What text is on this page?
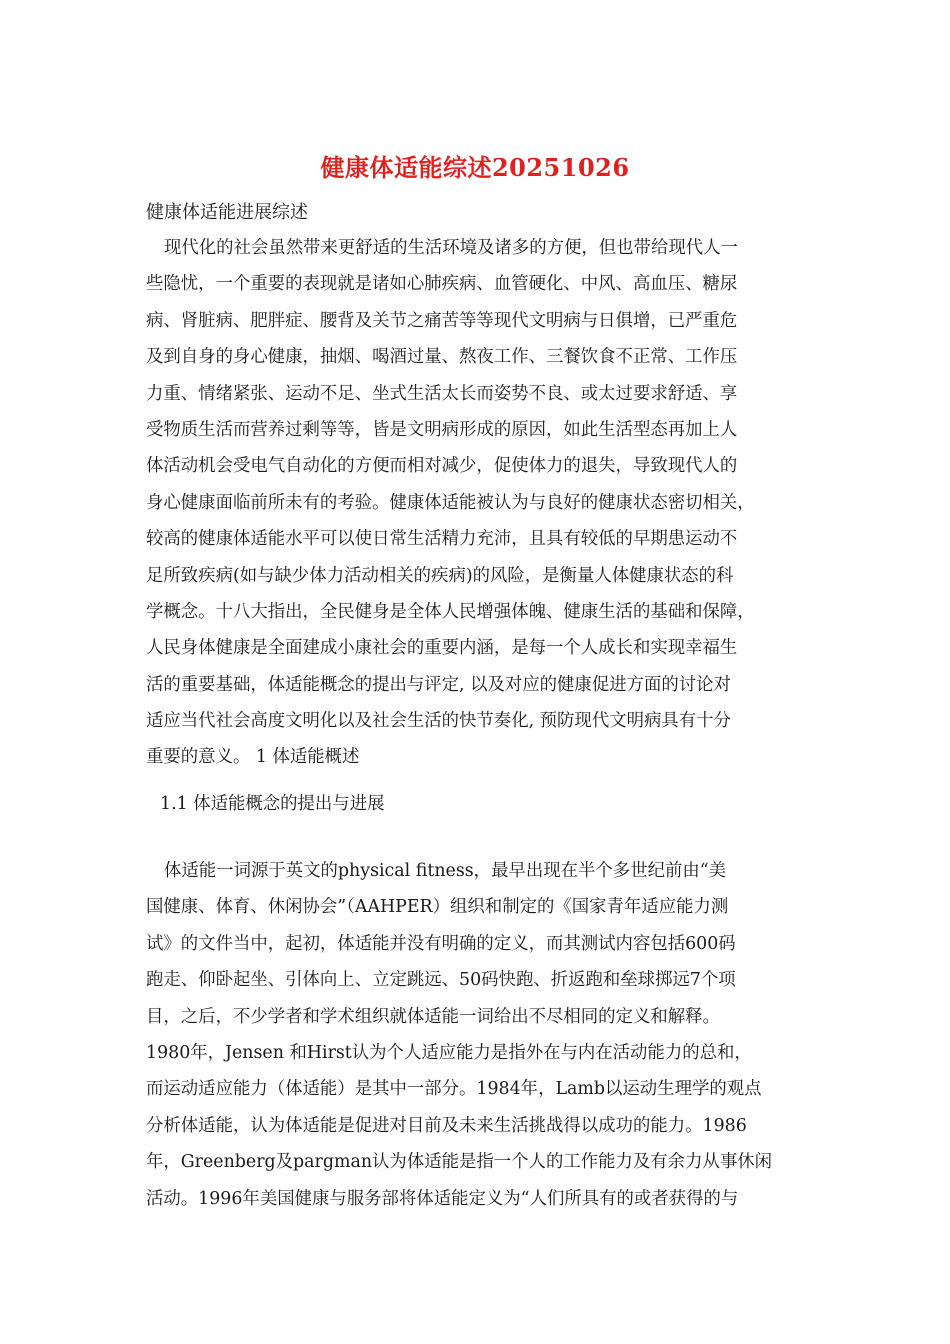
健康体适能综述20251026
健康体适能进展综述
现代化的社会虽然带来更舒适的生活环境及诸多的方便，但也带给现代人一
些隐忧，一个重要的表现就是诸如心肺疾病、血管硬化、中风、高血压、糖尿
病、肾脏病、肥胖症、腰背及关节之痛苦等等现代文明病与日俱增，已严重危
及到自身的身心健康，抽烟、喝酒过量、熬夜工作、三餐饮食不正常、工作压
力重、情绪紧张、运动不足、坐式生活太长而姿势不良、或太过要求舒适、享
受物质生活而营养过剩等等，皆是文明病形成的原因，如此生活型态再加上人
体活动机会受电气自动化的方便而相对减少，促使体力的退失，导致现代人的
身心健康面临前所未有的考验。健康体适能被认为与良好的健康状态密切相关，
较高的健康体适能水平可以使日常生活精力充沛，且具有较低的早期患运动不
足所致疾病(如与缺少体力活动相关的疾病)的风险，是衡量人体健康状态的科
学概念。十八大指出，全民健身是全体人民增强体魄、健康生活的基础和保障，
人民身体健康是全面建成小康社会的重要内涵，是每一个人成长和实现幸福生
活的重要基础，体适能概念的提出与评定, 以及对应的健康促进方面的讨论对
适应当代社会高度文明化以及社会生活的快节奏化, 预防现代文明病具有十分
重要的意义。 1 体适能概述
1.1 体适能概念的提出与进展
体适能一词源于英文的physical fitness，最早出现在半个多世纪前由“美
国健康、体育、休闲协会”（AAHPER）组织和制定的《国家青年适应能力测
试》的文件当中，起初，体适能并没有明确的定义，而其测试内容包括600码
跑走、仰卧起坐、引体向上、立定跳远、50码快跑、折返跑和垒球掷远7个项
目，之后，不少学者和学术组织就体适能一词给出不尽相同的定义和解释。
1980年，Jensen 和Hirst认为个人适应能力是指外在与内在活动能力的总和，
而运动适应能力（体适能）是其中一部分。1984年，Lamb以运动生理学的观点
分析体适能，认为体适能是促进对目前及未来生活挑战得以成功的能力。1986
年，Greenberg及pargman认为体适能是指一个人的工作能力及有余力从事休闲
活动。1996年美国健康与服务部将体适能定义为“人们所具有的或者获得的与
